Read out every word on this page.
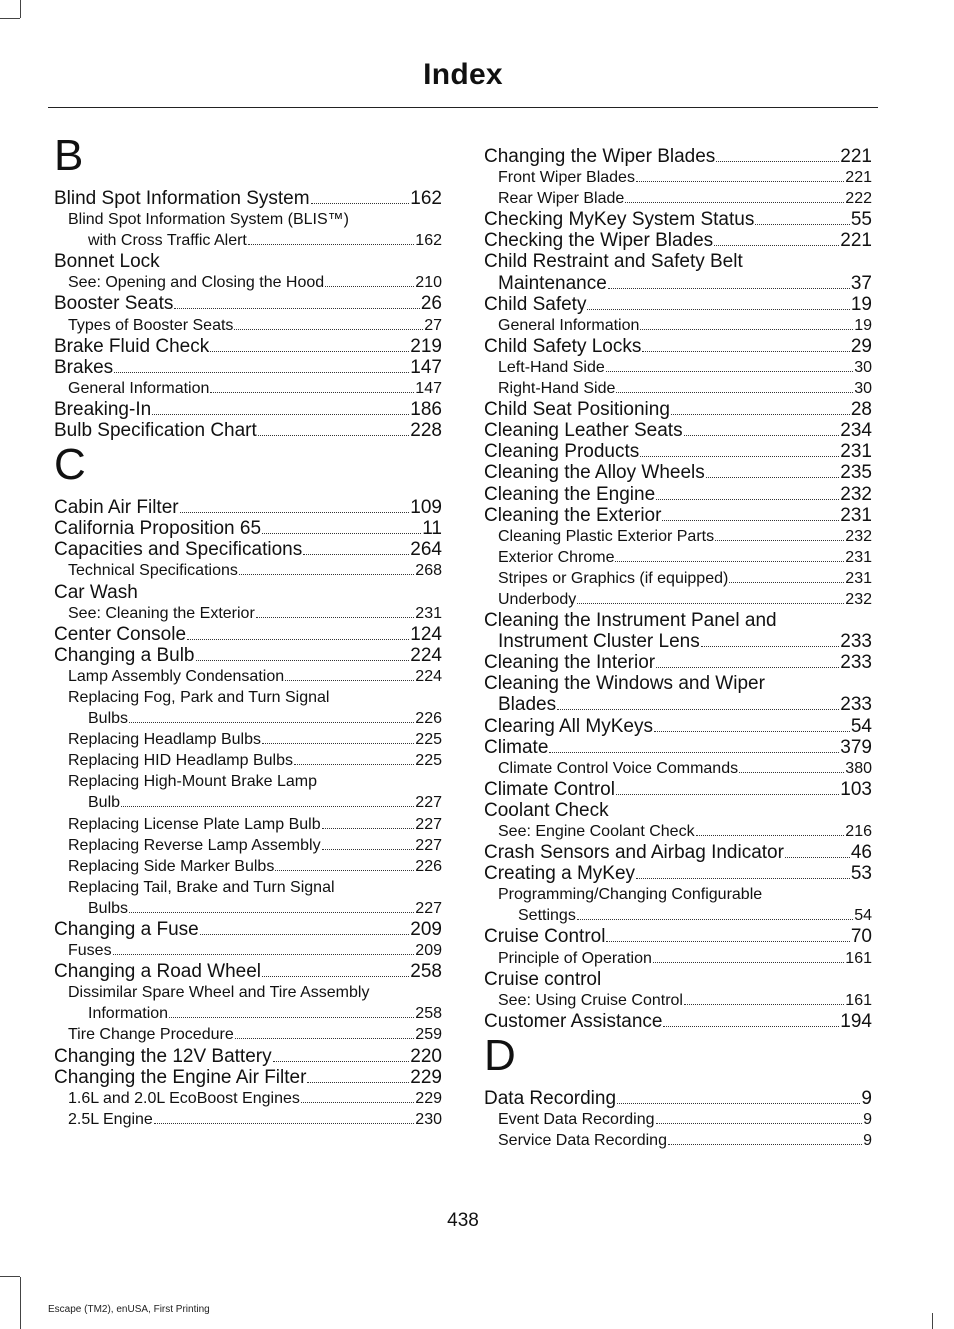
Index
B
Blind Spot Information System	162
Blind Spot Information System (BLIS™)
with Cross Traffic Alert	162
Bonnet Lock
See: Opening and Closing the Hood	210
Booster Seats	26
Types of Booster Seats	27
Brake Fluid Check	219
Brakes	147
General Information	147
Breaking-In	186
Bulb Specification Chart	228
C
Cabin Air Filter	109
California Proposition 65	11
Capacities and Specifications	264
Technical Specifications	268
Car Wash
See: Cleaning the Exterior	231
Center Console	124
Changing a Bulb	224
Lamp Assembly Condensation	224
Replacing Fog, Park and Turn Signal
Bulbs	226
Replacing Headlamp Bulbs	225
Replacing HID Headlamp Bulbs	225
Replacing High-Mount Brake Lamp
Bulb	227
Replacing License Plate Lamp Bulb	227
Replacing Reverse Lamp Assembly	227
Replacing Side Marker Bulbs	226
Replacing Tail, Brake and Turn Signal
Bulbs	227
Changing a Fuse	209
Fuses	209
Changing a Road Wheel	258
Dissimilar Spare Wheel and Tire Assembly
Information	258
Tire Change Procedure	259
Changing the 12V Battery	220
Changing the Engine Air Filter	229
1.6L and 2.0L EcoBoost Engines	229
2.5L Engine	230
Changing the Wiper Blades	221
Front Wiper Blades	221
Rear Wiper Blade	222
Checking MyKey System Status	55
Checking the Wiper Blades	221
Child Restraint and Safety Belt
Maintenance	37
Child Safety	19
General Information	19
Child Safety Locks	29
Left-Hand Side	30
Right-Hand Side	30
Child Seat Positioning	28
Cleaning Leather Seats	234
Cleaning Products	231
Cleaning the Alloy Wheels	235
Cleaning the Engine	232
Cleaning the Exterior	231
Cleaning Plastic Exterior Parts	232
Exterior Chrome	231
Stripes or Graphics (if equipped)	231
Underbody	232
Cleaning the Instrument Panel and
Instrument Cluster Lens	233
Cleaning the Interior	233
Cleaning the Windows and Wiper
Blades	233
Clearing All MyKeys	54
Climate	379
Climate Control Voice Commands	380
Climate Control	103
Coolant Check
See: Engine Coolant Check	216
Crash Sensors and Airbag Indicator	46
Creating a MyKey	53
Programming/Changing Configurable
Settings	54
Cruise Control	70
Principle of Operation	161
Cruise control
See: Using Cruise Control	161
Customer Assistance	194
D
Data Recording	9
Event Data Recording	9
Service Data Recording	9
438
Escape (TM2), enUSA, First Printing
